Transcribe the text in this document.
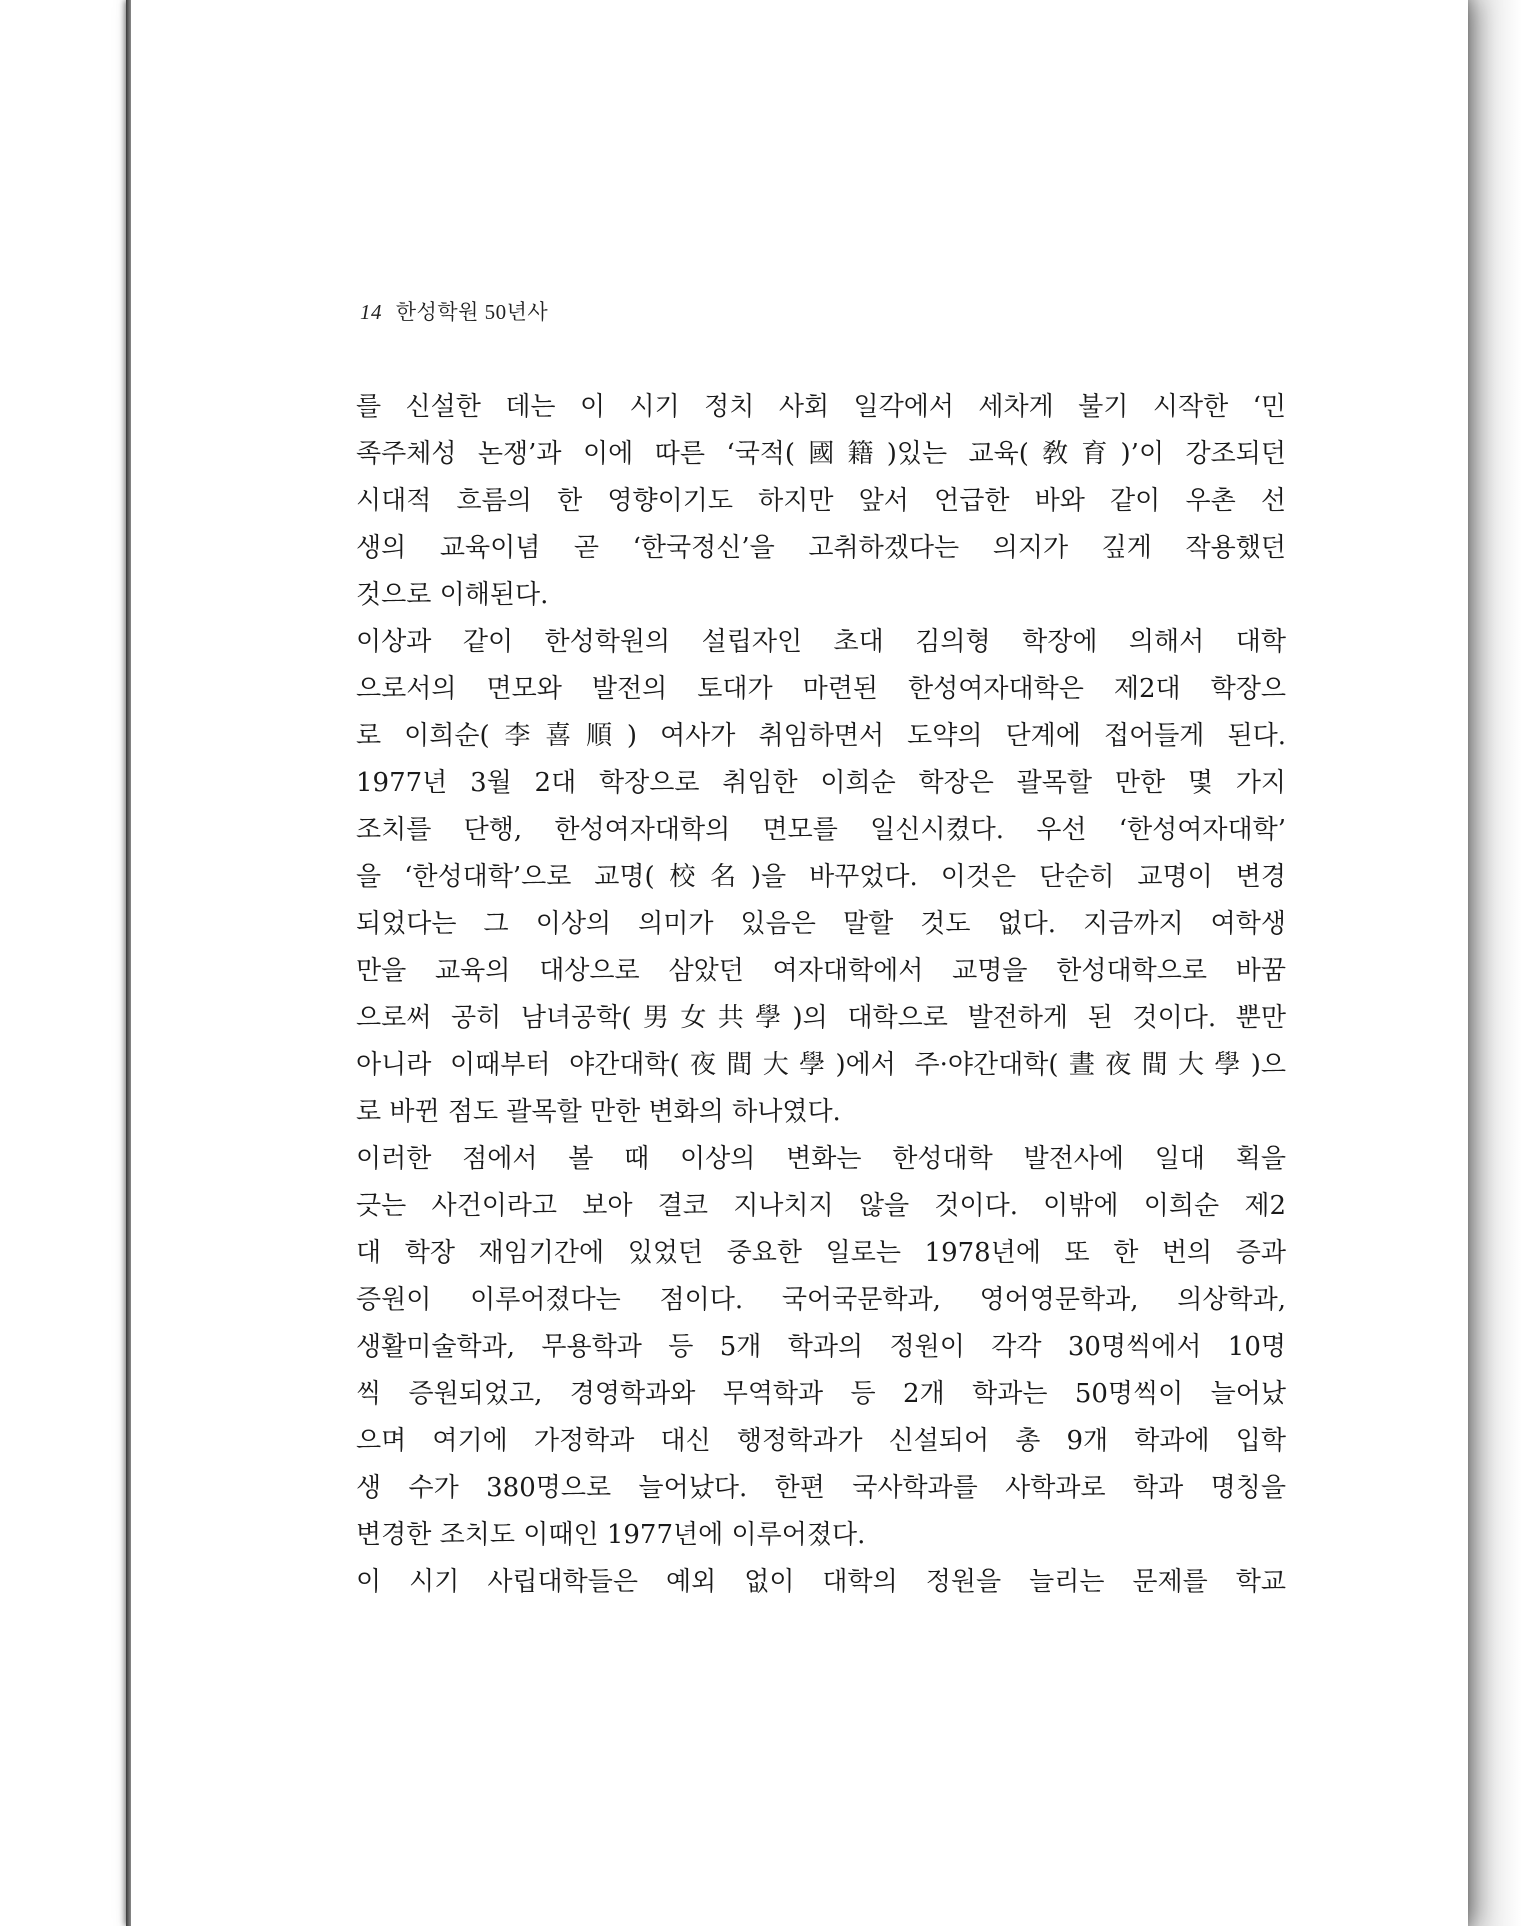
14 한성학원 50년사
를 신설한 데는 이 시기 정치 사회 일각에서 세차게 불기 시작한 ‘민
족주체성 논쟁’과 이에 따른 ‘국적(國籍)있는 교육(敎育)’이 강조되던
시대적 흐름의 한 영향이기도 하지만 앞서 언급한 바와 같이 우촌 선
생의 교육이념 곧 ‘한국정신’을 고취하겠다는 의지가 깊게 작용했던
것으로 이해된다.
이상과 같이 한성학원의 설립자인 초대 김의형 학장에 의해서 대학
으로서의 면모와 발전의 토대가 마련된 한성여자대학은 제2대 학장으
로 이희순(李喜順) 여사가 취임하면서 도약의 단계에 접어들게 된다.
1977년 3월 2대 학장으로 취임한 이희순 학장은 괄목할 만한 몇 가지
조치를 단행, 한성여자대학의 면모를 일신시켰다. 우선 ‘한성여자대학’
을 ‘한성대학’으로 교명(校名)을 바꾸었다. 이것은 단순히 교명이 변경
되었다는 그 이상의 의미가 있음은 말할 것도 없다. 지금까지 여학생
만을 교육의 대상으로 삼았던 여자대학에서 교명을 한성대학으로 바꿈
으로써 공히 남녀공학(男女共學)의 대학으로 발전하게 된 것이다. 뿐만
아니라 이때부터 야간대학(夜間大學)에서 주·야간대학(晝夜間大學)으
로 바뀐 점도 괄목할 만한 변화의 하나였다.
이러한 점에서 볼 때 이상의 변화는 한성대학 발전사에 일대 획을
긋는 사건이라고 보아 결코 지나치지 않을 것이다. 이밖에 이희순 제2
대 학장 재임기간에 있었던 중요한 일로는 1978년에 또 한 번의 증과
증원이 이루어졌다는 점이다. 국어국문학과, 영어영문학과, 의상학과,
생활미술학과, 무용학과 등 5개 학과의 정원이 각각 30명씩에서 10명
씩 증원되었고, 경영학과와 무역학과 등 2개 학과는 50명씩이 늘어났
으며 여기에 가정학과 대신 행정학과가 신설되어 총 9개 학과에 입학
생 수가 380명으로 늘어났다. 한편 국사학과를 사학과로 학과 명칭을
변경한 조치도 이때인 1977년에 이루어졌다.
이 시기 사립대학들은 예외 없이 대학의 정원을 늘리는 문제를 학교
